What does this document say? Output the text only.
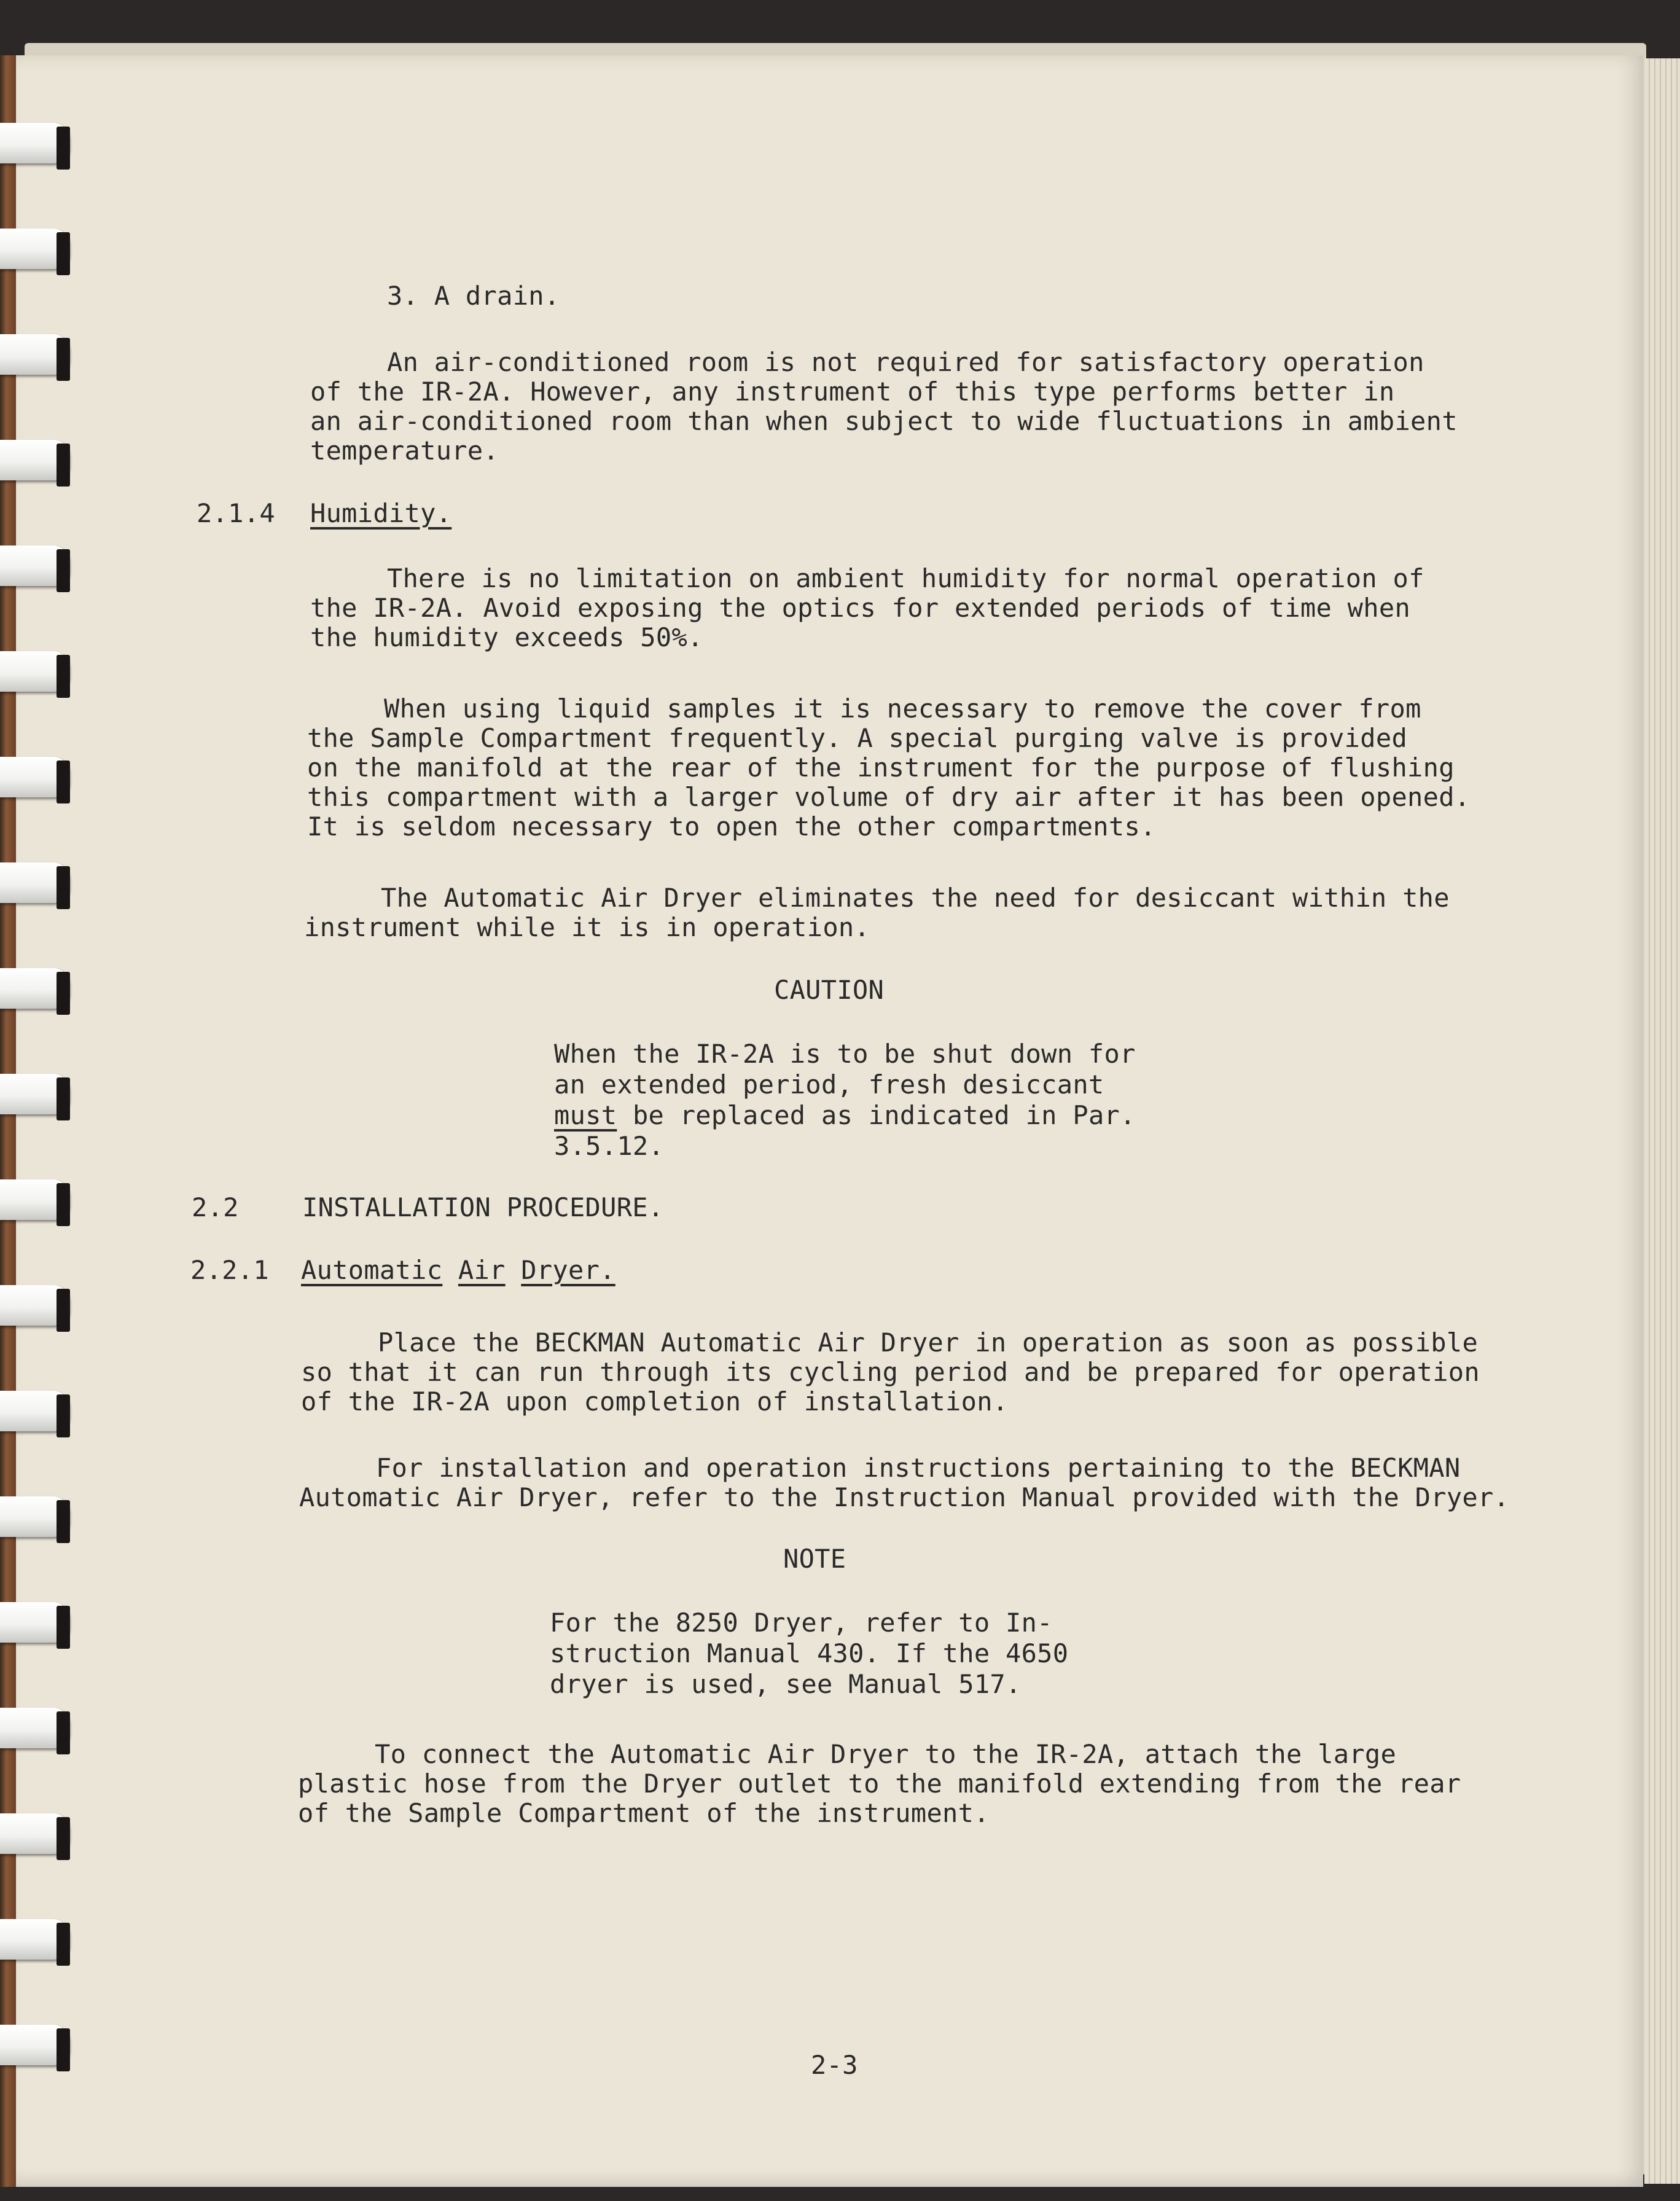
3. A drain.
An air-conditioned room is not required for satisfactory operation
of the IR-2A. However, any instrument of this type performs better in
an air-conditioned room than when subject to wide fluctuations in ambient
temperature.
2.1.4 Humidity.
There is no limitation on ambient humidity for normal operation of
the IR-2A. Avoid exposing the optics for extended periods of time when
the humidity exceeds 50%.
When using liquid samples it is necessary to remove the cover from
the Sample Compartment frequently. A special purging valve is provided
on the manifold at the rear of the instrument for the purpose of flushing
this compartment with a larger volume of dry air after it has been opened.
It is seldom necessary to open the other compartments.
The Automatic Air Dryer eliminates the need for desiccant within the
instrument while it is in operation.
CAUTION
When the IR-2A is to be shut down for
an extended period, fresh desiccant
must be replaced as indicated in Par.
3.5.12.
2.2 INSTALLATION PROCEDURE.
2.2.1 Automatic Air Dryer.
Place the BECKMAN Automatic Air Dryer in operation as soon as possible
so that it can run through its cycling period and be prepared for operation
of the IR-2A upon completion of installation.
For installation and operation instructions pertaining to the BECKMAN
Automatic Air Dryer, refer to the Instruction Manual provided with the Dryer.
NOTE
For the 8250 Dryer, refer to In-
struction Manual 430. If the 4650
dryer is used, see Manual 517.
To connect the Automatic Air Dryer to the IR-2A, attach the large
plastic hose from the Dryer outlet to the manifold extending from the rear
of the Sample Compartment of the instrument.
2-3
